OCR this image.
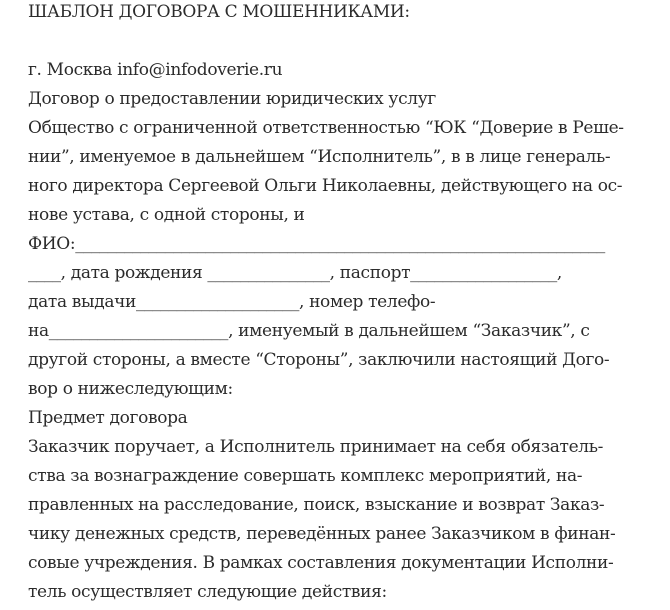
ШАБЛОН ДОГОВОРА С МОШЕННИКАМИ:
г. Москва info@infodoverie.ru
Договор о предоставлении юридических услуг
Общество с ограниченной ответственностью “ЮК “Доверие в Реше-
нии”, именуемое в дальнейшем “Исполнитель”, в в лице генераль-
ного директора Сергеевой Ольги Николаевны, действующего на ос-
нове устава, с одной стороны, и
ФИО:_________________________________________________________________
____, дата рождения _______________, паспорт__________________,
дата выдачи____________________, номер телефо-
на______________________, именуемый в дальнейшем “Заказчик”, с
другой стороны, а вместе “Стороны”, заключили настоящий Дого-
вор о нижеследующим:
Предмет договора
Заказчик поручает, а Исполнитель принимает на себя обязатель-
ства за вознаграждение совершать комплекс мероприятий, на-
правленных на расследование, поиск, взыскание и возврат Заказ-
чику денежных средств, переведённых ранее Заказчиком в финан-
совые учреждения. В рамках составления документации Исполни-
тель осуществляет следующие действия:
